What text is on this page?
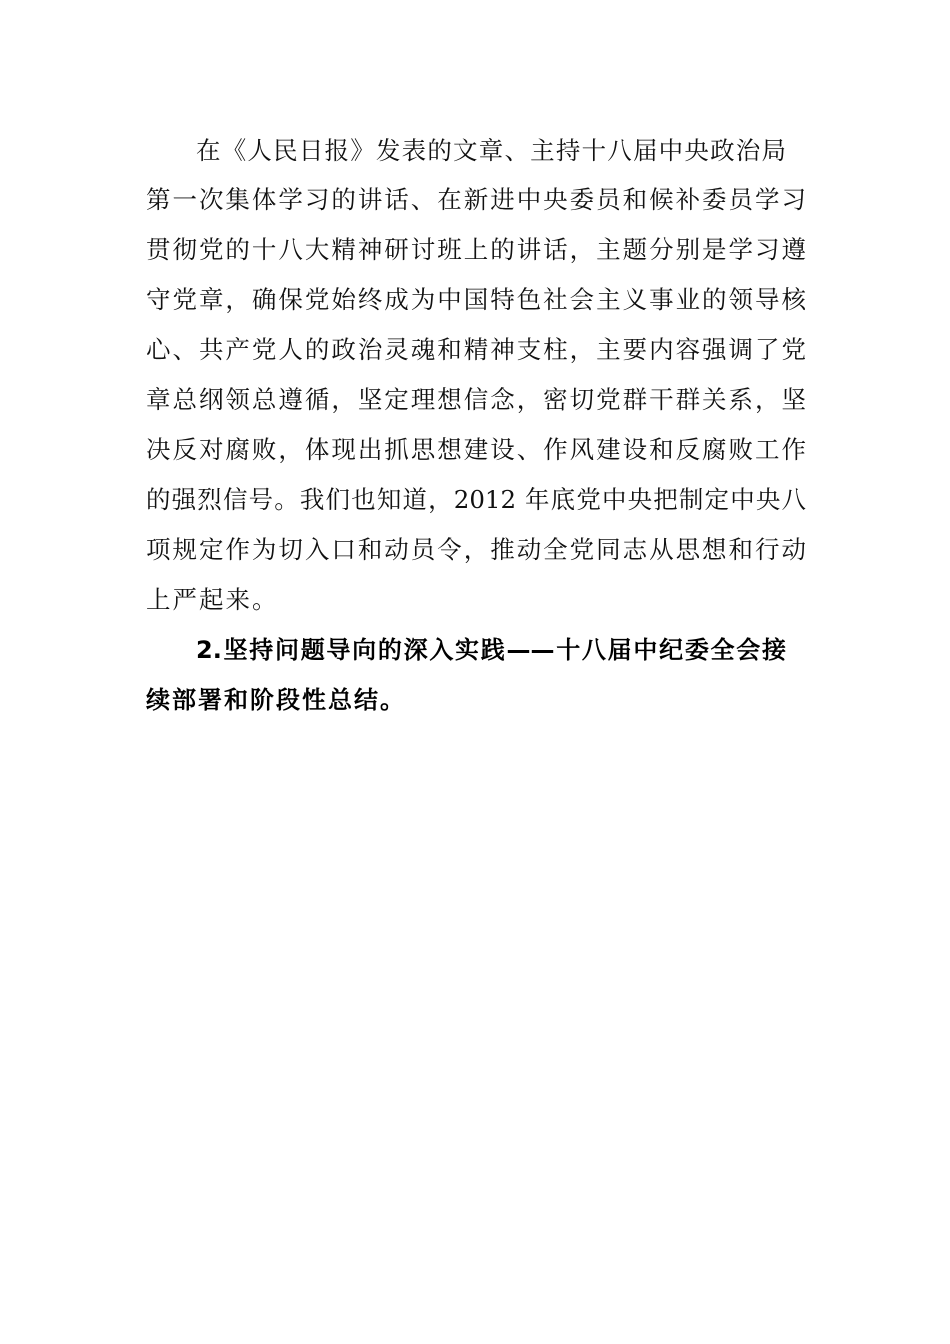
在《人民日报》发表的文章、主持十八届中央政治局
第一次集体学习的讲话、在新进中央委员和候补委员学习
贯彻党的十八大精神研讨班上的讲话，主题分别是学习遵
守党章，确保党始终成为中国特色社会主义事业的领导核
心、共产党人的政治灵魂和精神支柱，主要内容强调了党
章总纲领总遵循，坚定理想信念，密切党群干群关系，坚
决反对腐败，体现出抓思想建设、作风建设和反腐败工作
的强烈信号。我们也知道，2012 年底党中央把制定中央八
项规定作为切入口和动员令，推动全党同志从思想和行动
上严起来。
2.坚持问题导向的深入实践——十八届中纪委全会接
续部署和阶段性总结。
